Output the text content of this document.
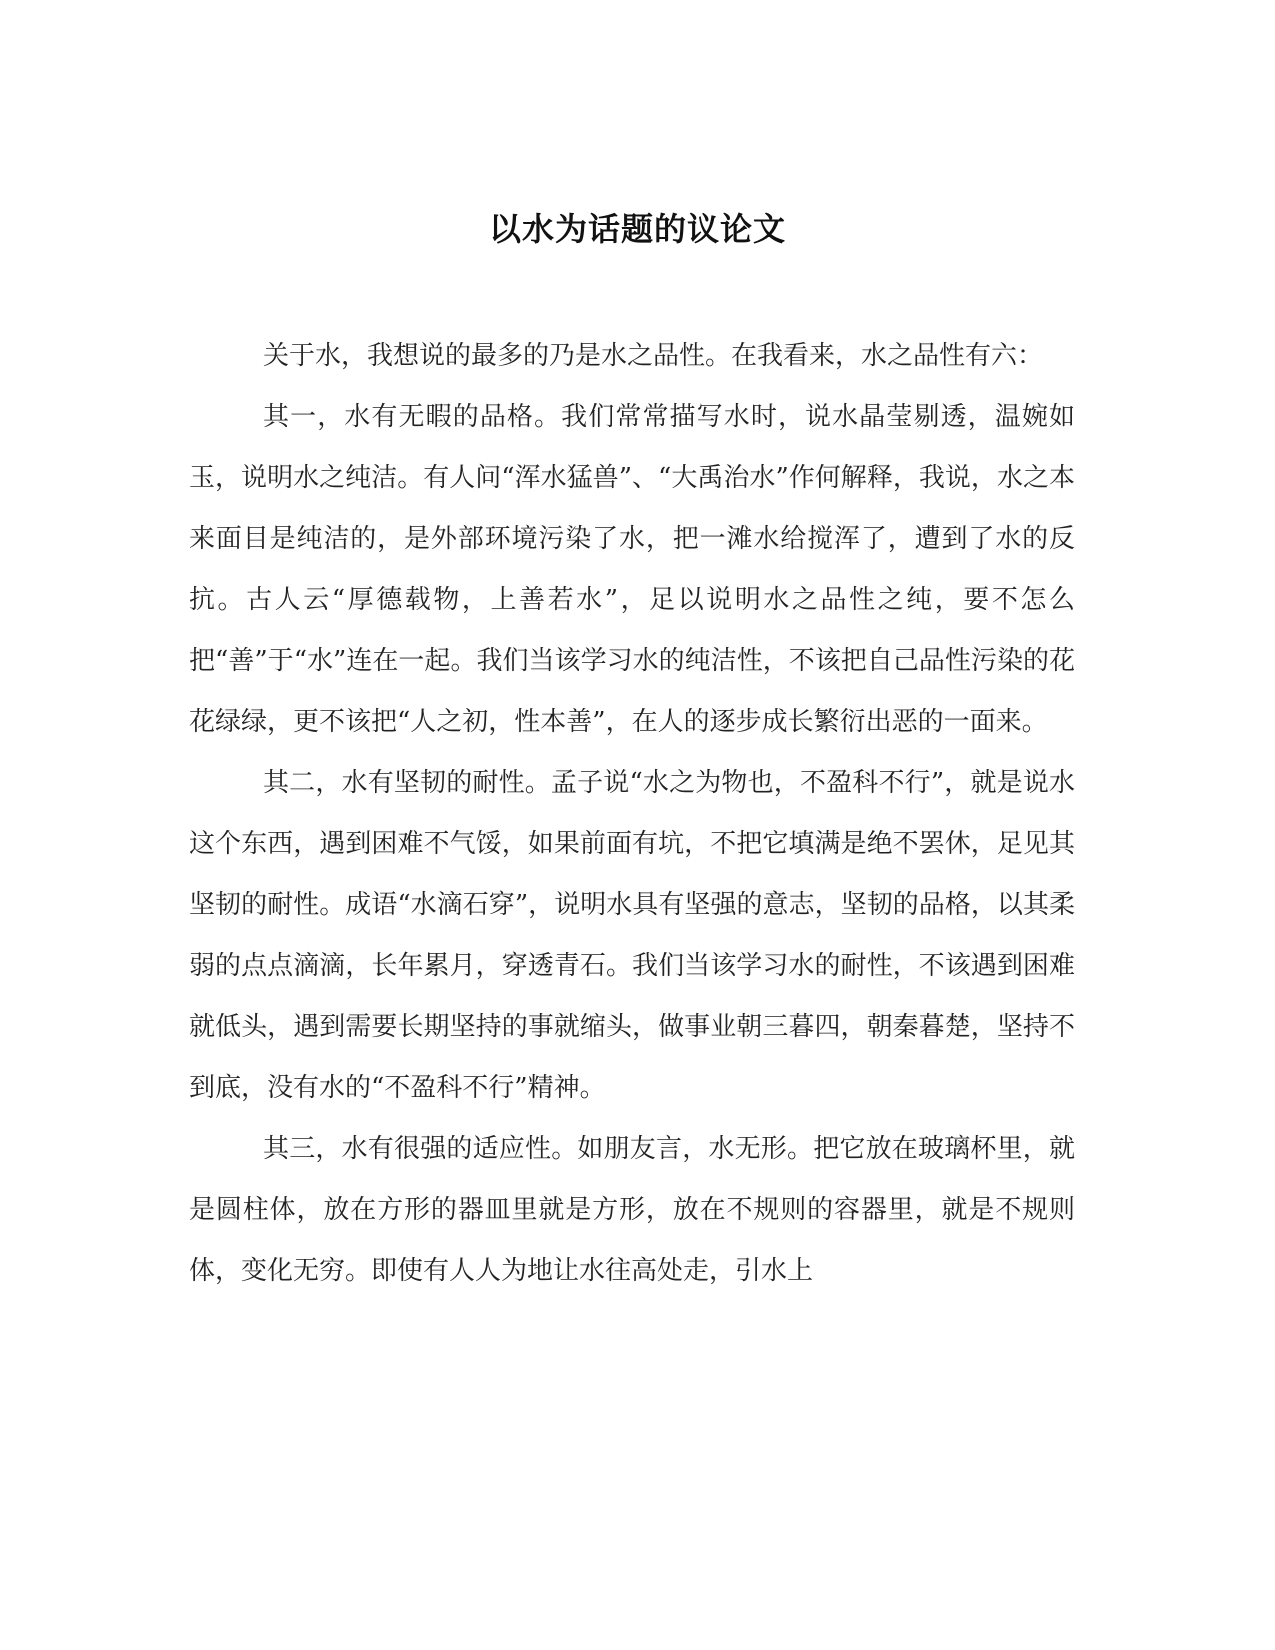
以水为话题的议论文

关于水，我想说的最多的乃是水之品性。在我看来，水之品性有六：

其一，水有无暇的品格。我们常常描写水时，说水晶莹剔透，温婉如玉，说明水之纯洁。有人问“浑水猛兽”、“大禹治水”作何解释，我说，水之本来面目是纯洁的，是外部环境污染了水，把一滩水给搅浑了，遭到了水的反抗。古人云“厚德载物，上善若水”，足以说明水之品性之纯，要不怎么把“善”于“水”连在一起。我们当该学习水的纯洁性，不该把自己品性污染的花花绿绿，更不该把“人之初，性本善”，在人的逐步成长繁衍出恶的一面来。

其二，水有坚韧的耐性。孟子说“水之为物也，不盈科不行”，就是说水这个东西，遇到困难不气馁，如果前面有坑，不把它填满是绝不罢休，足见其坚韧的耐性。成语“水滴石穿”，说明水具有坚强的意志，坚韧的品格，以其柔弱的点点滴滴，长年累月，穿透青石。我们当该学习水的耐性，不该遇到困难就低头，遇到需要长期坚持的事就缩头，做事业朝三暮四，朝秦暮楚，坚持不到底，没有水的“不盈科不行”精神。

其三，水有很强的适应性。如朋友言，水无形。把它放在玻璃杯里，就是圆柱体，放在方形的器皿里就是方形，放在不规则的容器里，就是不规则体，变化无穷。即使有人人为地让水往高处走，引水上
